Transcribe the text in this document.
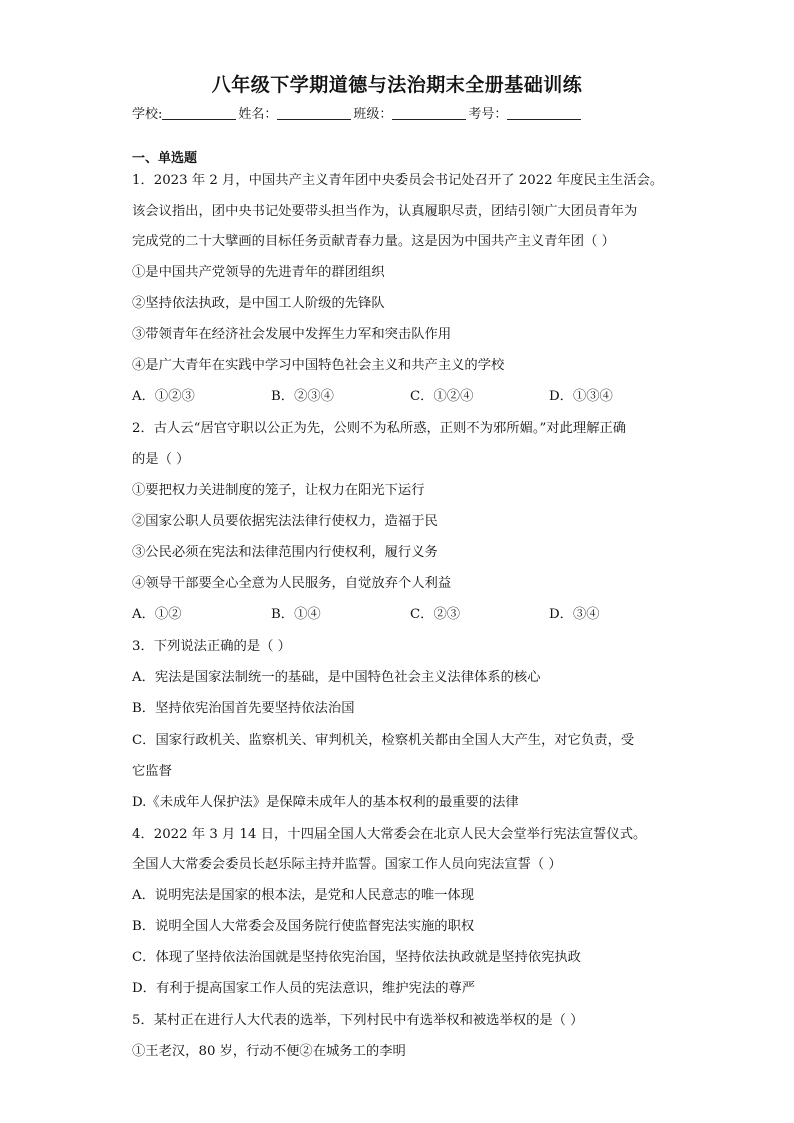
八年级下学期道德与法治期末全册基础训练
学校:	姓名：	班级：	考号：
一、单选题
1．2023 年 2 月，中国共产主义青年团中央委员会书记处召开了 2022 年度民主生活会。
该会议指出，团中央书记处要带头担当作为，认真履职尽责，团结引领广大团员青年为
完成党的二十大擘画的目标任务贡献青春力量。这是因为中国共产主义青年团（ ）
①是中国共产党领导的先进青年的群团组织
②坚持依法执政，是中国工人阶级的先锋队
③带领青年在经济社会发展中发挥生力军和突击队作用
④是广大青年在实践中学习中国特色社会主义和共产主义的学校
A．①②③	B．②③④	C．①②④	D．①③④
2．古人云“居官守职以公正为先，公则不为私所惑，正则不为邪所媚。”对此理解正确
的是（ ）
①要把权力关进制度的笼子，让权力在阳光下运行
②国家公职人员要依据宪法法律行使权力，造福于民
③公民必须在宪法和法律范围内行使权利，履行义务
④领导干部要全心全意为人民服务，自觉放弃个人利益
A．①②	B．①④	C．②③	D．③④
3．下列说法正确的是（ ）
A．宪法是国家法制统一的基础，是中国特色社会主义法律体系的核心
B．坚持依宪治国首先要坚持依法治国
C．国家行政机关、监察机关、审判机关，检察机关都由全国人大产生，对它负责，受
它监督
D.《未成年人保护法》是保障未成年人的基本权利的最重要的法律
4．2022 年 3 月 14 日，十四届全国人大常委会在北京人民大会堂举行宪法宣誓仪式。
全国人大常委会委员长赵乐际主持并监誓。国家工作人员向宪法宣誓（ ）
A．说明宪法是国家的根本法，是党和人民意志的唯一体现
B．说明全国人大常委会及国务院行使监督宪法实施的职权
C．体现了坚持依法治国就是坚持依宪治国，坚持依法执政就是坚持依宪执政
D．有利于提高国家工作人员的宪法意识，维护宪法的尊严
5．某村正在进行人大代表的选举，下列村民中有选举权和被选举权的是（ ）
①王老汉，80 岁，行动不便②在城务工的李明
